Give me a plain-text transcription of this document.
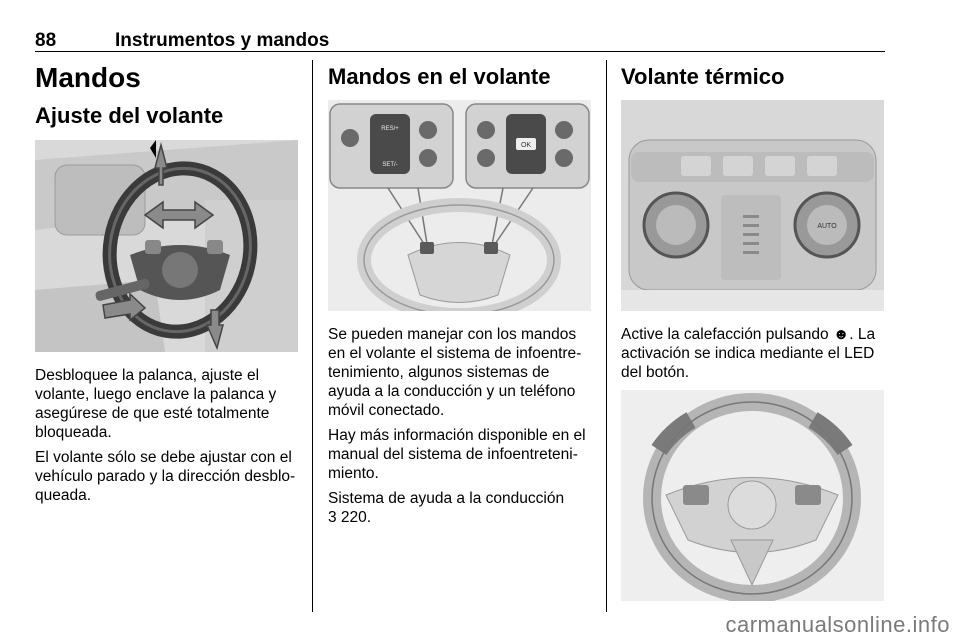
88	Instrumentos y mandos
Mandos
Ajuste del volante

Desbloquee la palanca, ajuste el volante, luego enclave la palanca y asegúrese de que esté totalmente bloqueada.

El volante sólo se debe ajustar con el vehículo parado y la dirección desblo-queada.

Mandos en el volante
RES/+
SET/-
OK

Se pueden manejar con los mandos en el volante el sistema de infoentre-tenimiento, algunos sistemas de ayuda a la conducción y un teléfono móvil conectado.

Hay más información disponible en el manual del sistema de infoentreteni-miento.

Sistema de ayuda a la conducción

3 220.

Volante térmico
AUTO

Active la calefacción pulsando ☻. La activación se indica mediante el LED del botón.

carmanualsonline.info
